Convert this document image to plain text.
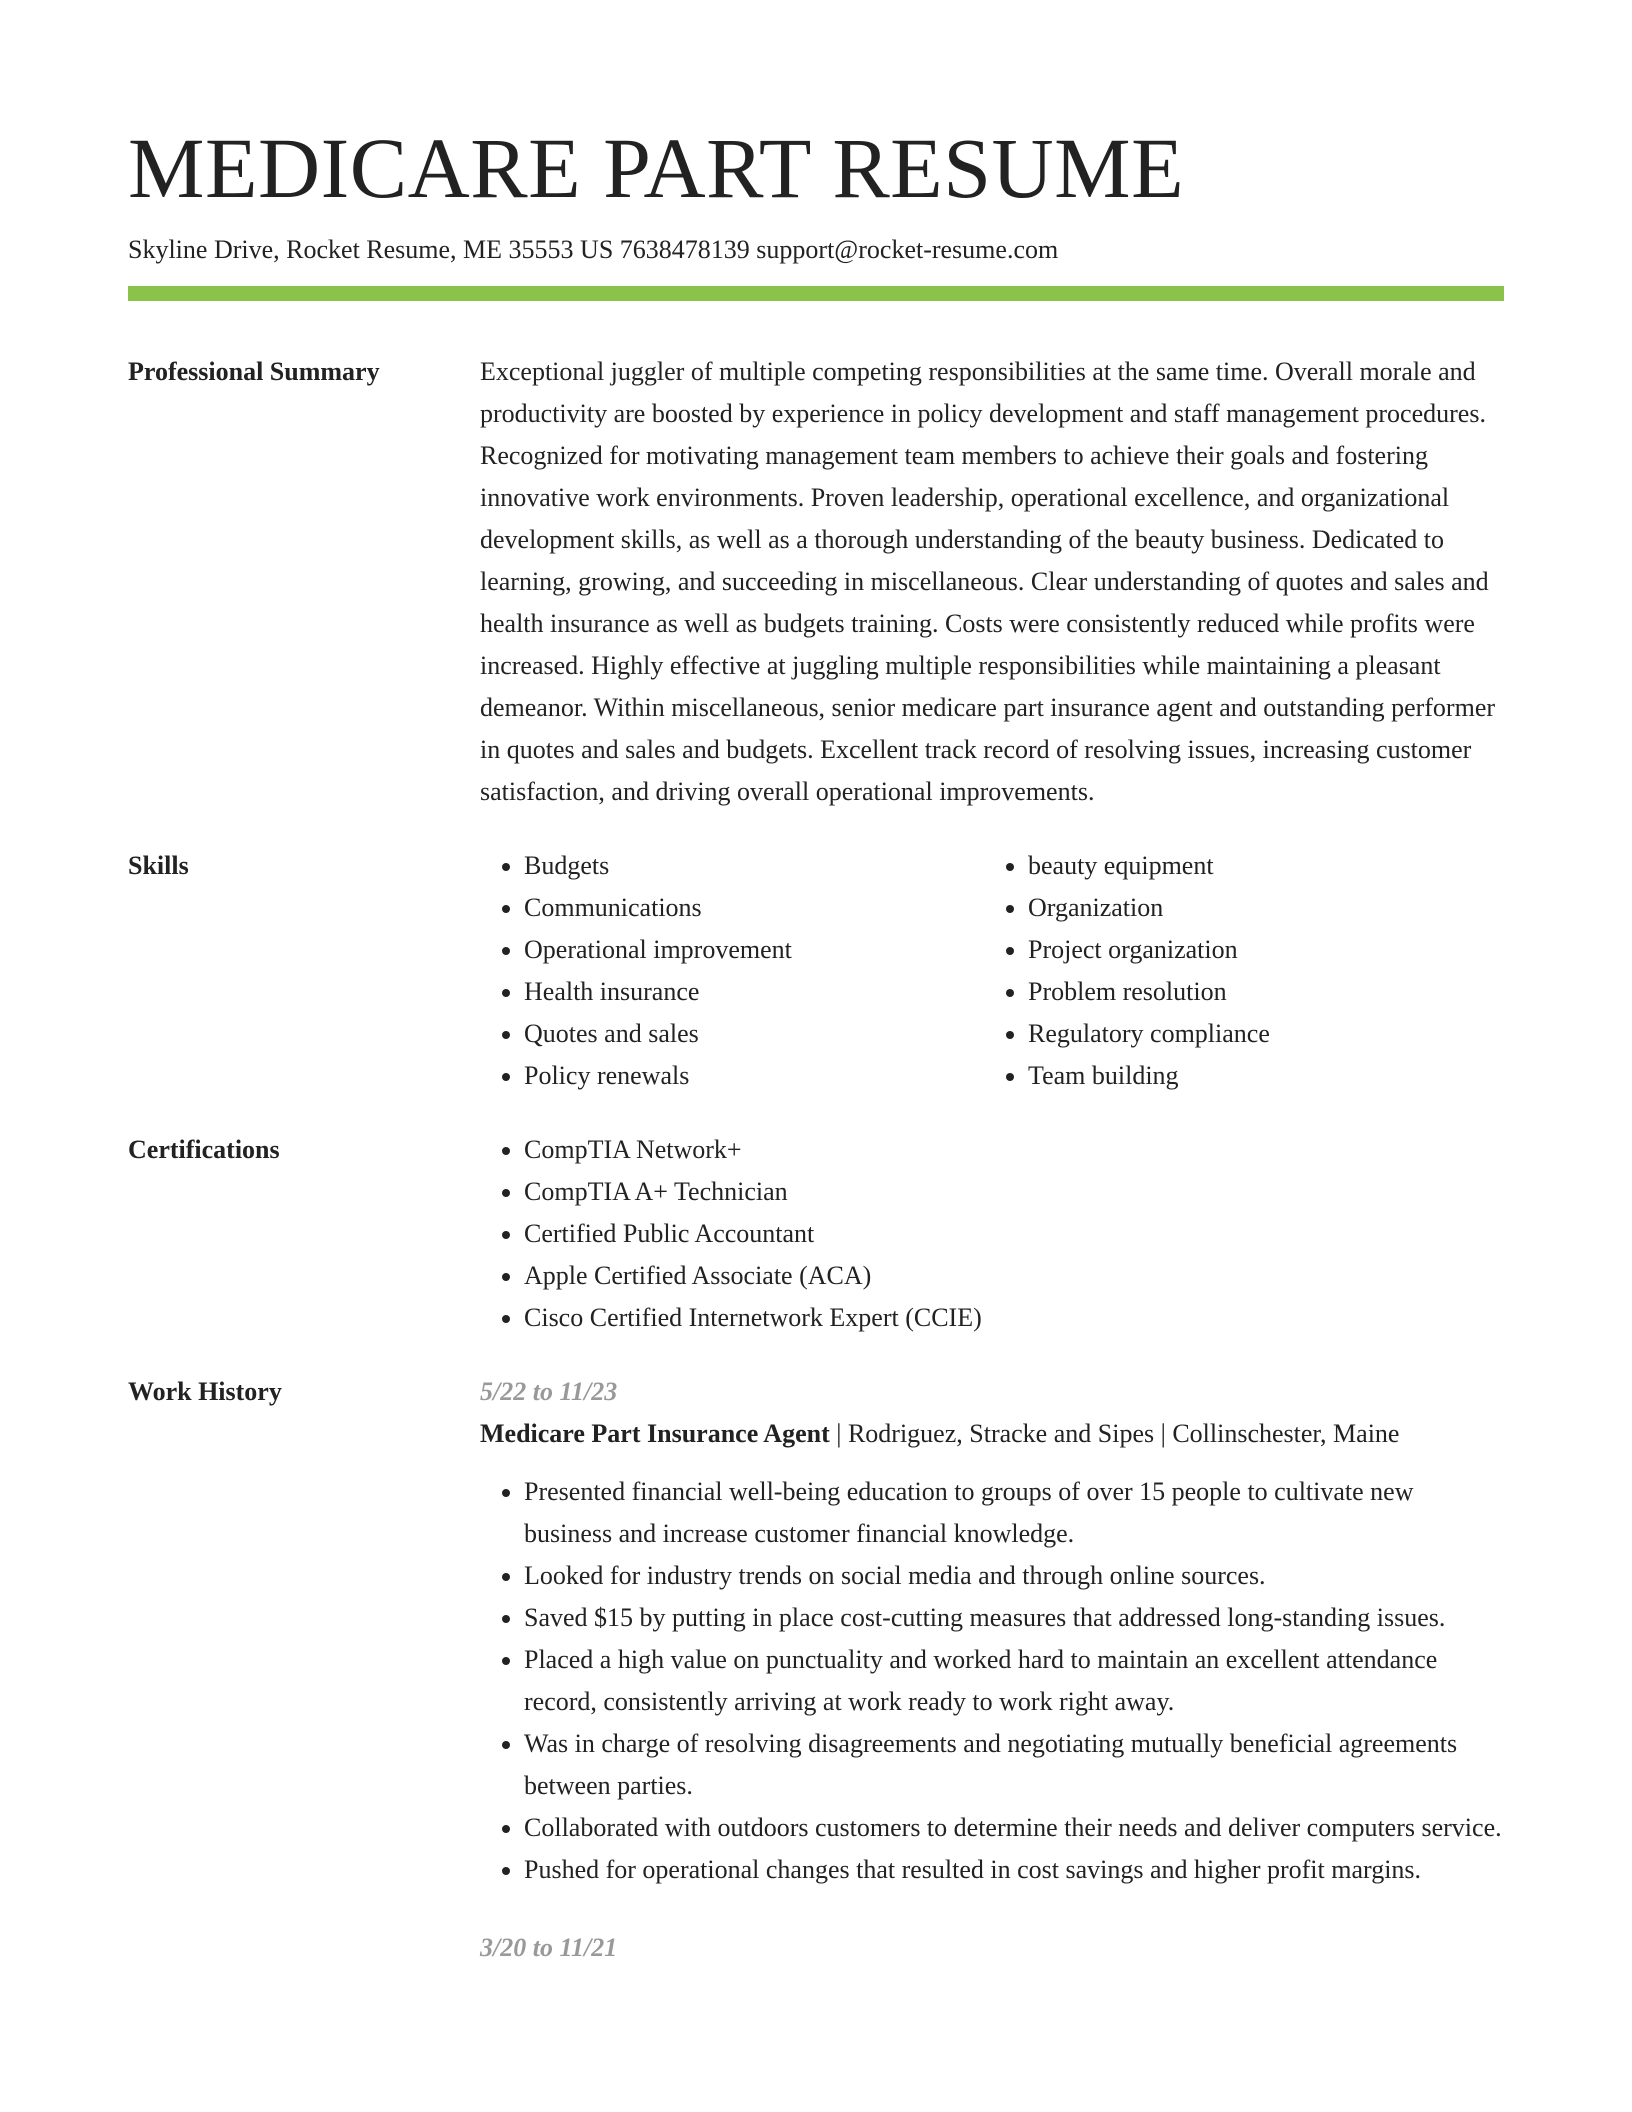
MEDICARE PART RESUME
Skyline Drive, Rocket Resume, ME 35553 US 7638478139 support@rocket-resume.com
Professional Summary	Exceptional juggler of multiple competing responsibilities at the same time. Overall morale and productivity are boosted by experience in policy development and staff management procedures. Recognized for motivating management team members to achieve their goals and fostering innovative work environments. Proven leadership, operational excellence, and organizational development skills, as well as a thorough understanding of the beauty business. Dedicated to learning, growing, and succeeding in miscellaneous. Clear understanding of quotes and sales and health insurance as well as budgets training. Costs were consistently reduced while profits were increased. Highly effective at juggling multiple responsibilities while maintaining a pleasant demeanor. Within miscellaneous, senior medicare part insurance agent and outstanding performer in quotes and sales and budgets. Excellent track record of resolving issues, increasing customer satisfaction, and driving overall operational improvements.
Skills	• Budgets
• Communications
• Operational improvement
• Health insurance
• Quotes and sales
• Policy renewals
• beauty equipment
• Organization
• Project organization
• Problem resolution
• Regulatory compliance
• Team building
Certifications	• CompTIA Network+
• CompTIA A+ Technician
• Certified Public Accountant
• Apple Certified Associate (ACA)
• Cisco Certified Internetwork Expert (CCIE)
Work History	5/22 to 11/23
Medicare Part Insurance Agent | Rodriguez, Stracke and Sipes | Collinschester, Maine
• Presented financial well-being education to groups of over 15 people to cultivate new business and increase customer financial knowledge.
• Looked for industry trends on social media and through online sources.
• Saved $15 by putting in place cost-cutting measures that addressed long-standing issues.
• Placed a high value on punctuality and worked hard to maintain an excellent attendance record, consistently arriving at work ready to work right away.
• Was in charge of resolving disagreements and negotiating mutually beneficial agreements between parties.
• Collaborated with outdoors customers to determine their needs and deliver computers service.
• Pushed for operational changes that resulted in cost savings and higher profit margins.
3/20 to 11/21
